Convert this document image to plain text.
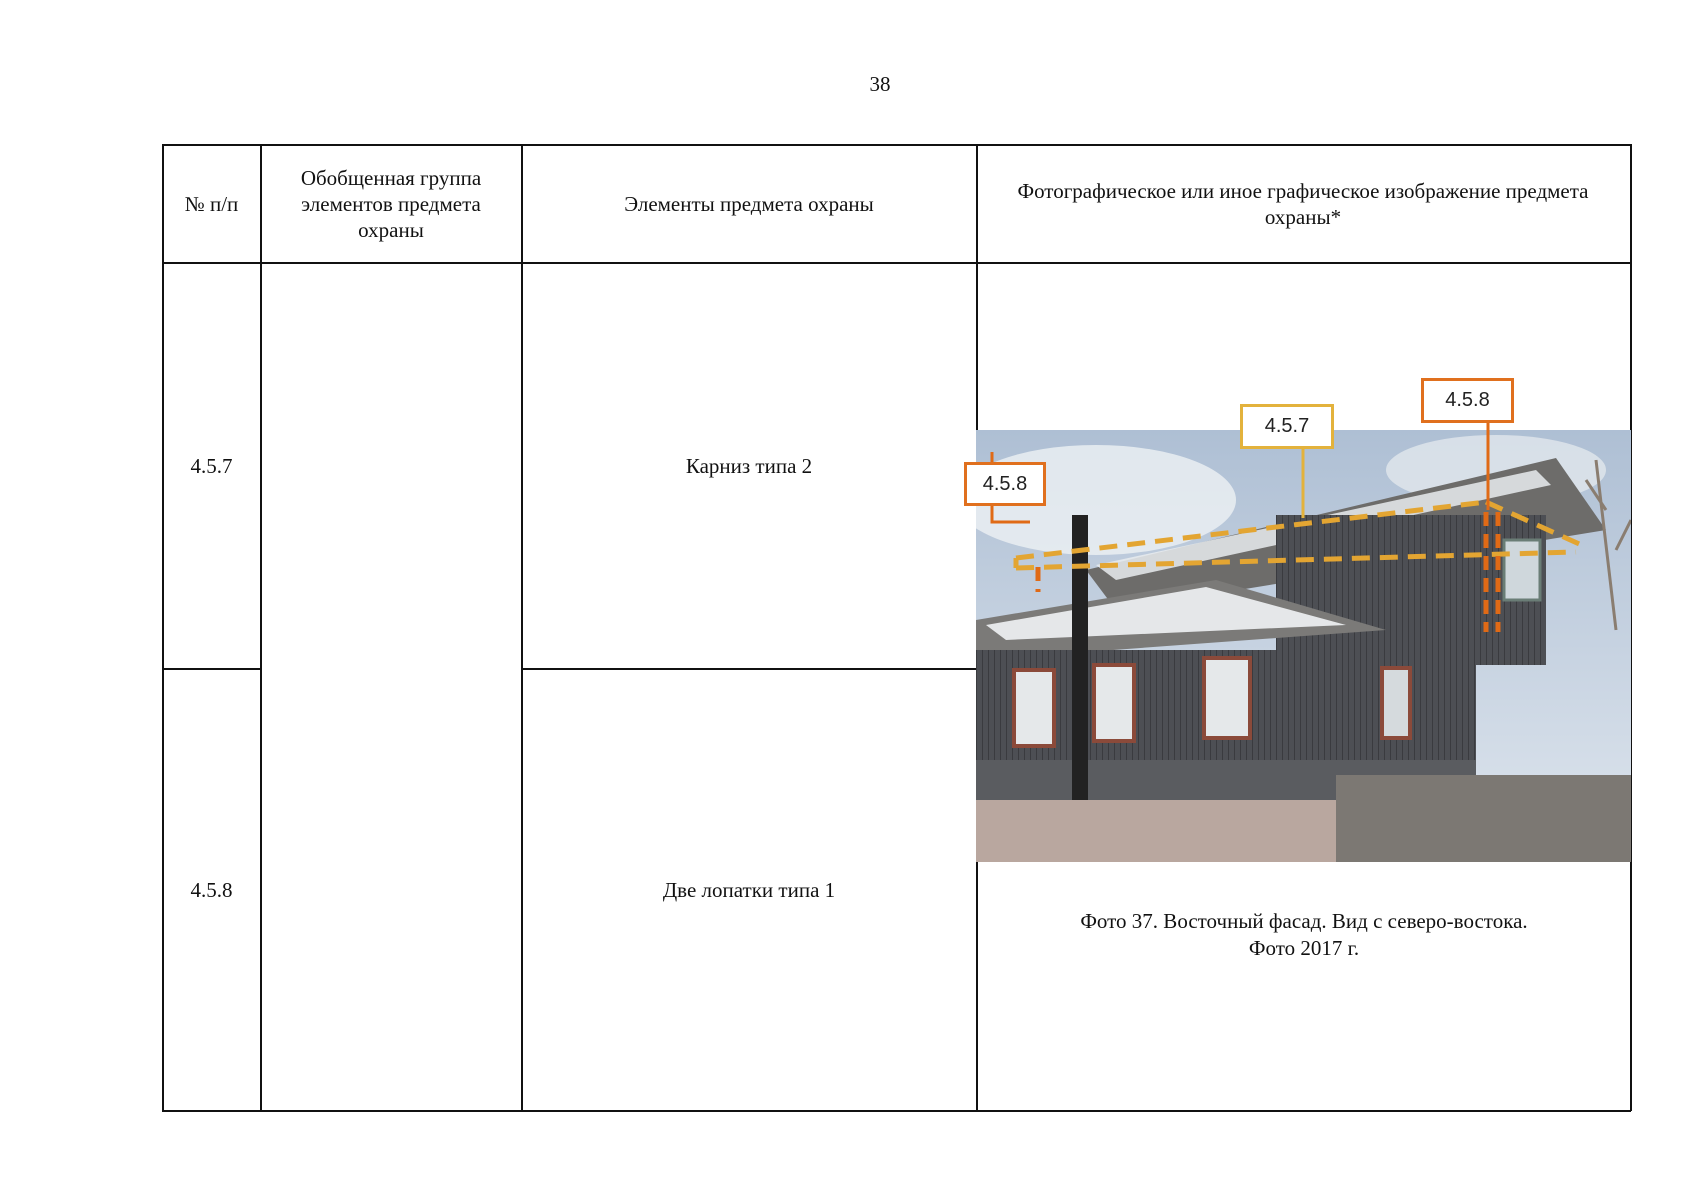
38
№ п/п
Обобщенная группа элементов предмета охраны
Элементы предмета охраны
Фотографическое или иное графическое изображение предмета охраны*
4.5.7	Карниз типа 2
4.5.8	Две лопатки типа 1
4.5.8
4.5.7
4.5.8
Фото 37. Восточный фасад. Вид с северо-востока.
Фото 2017 г.
